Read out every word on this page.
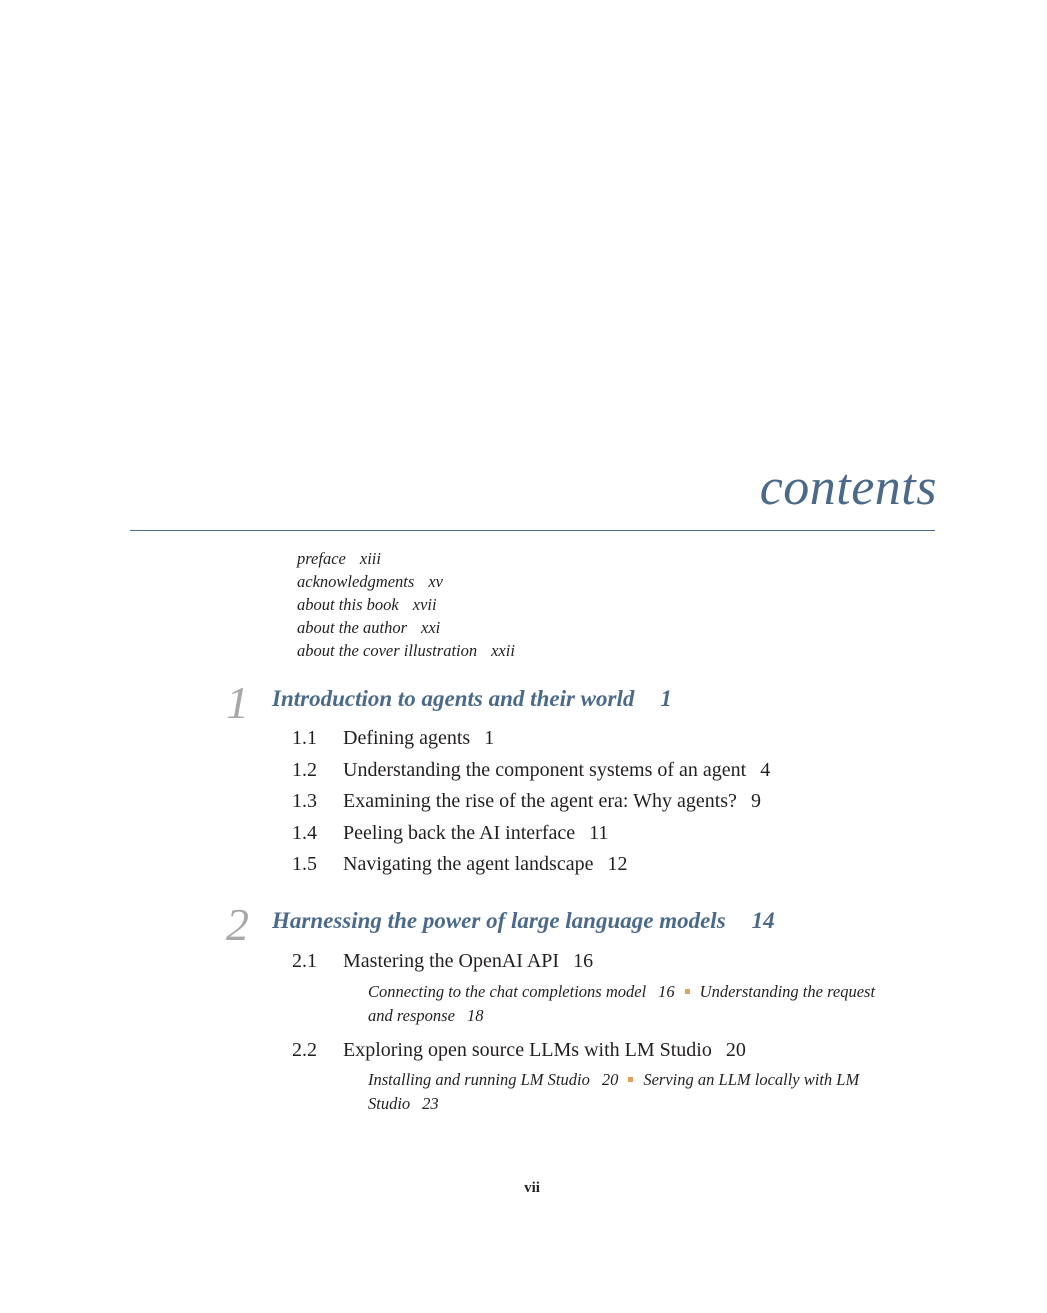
contents
preface xiii
acknowledgments xv
about this book xvii
about the author xxi
about the cover illustration xxii
1 Introduction to agents and their world 1
1.1 Defining agents 1
1.2 Understanding the component systems of an agent 4
1.3 Examining the rise of the agent era: Why agents? 9
1.4 Peeling back the AI interface 11
1.5 Navigating the agent landscape 12
2 Harnessing the power of large language models 14
2.1 Mastering the OpenAI API 16
Connecting to the chat completions model 16 Understanding the request and response 18
2.2 Exploring open source LLMs with LM Studio 20
Installing and running LM Studio 20 Serving an LLM locally with LM Studio 23
vii
